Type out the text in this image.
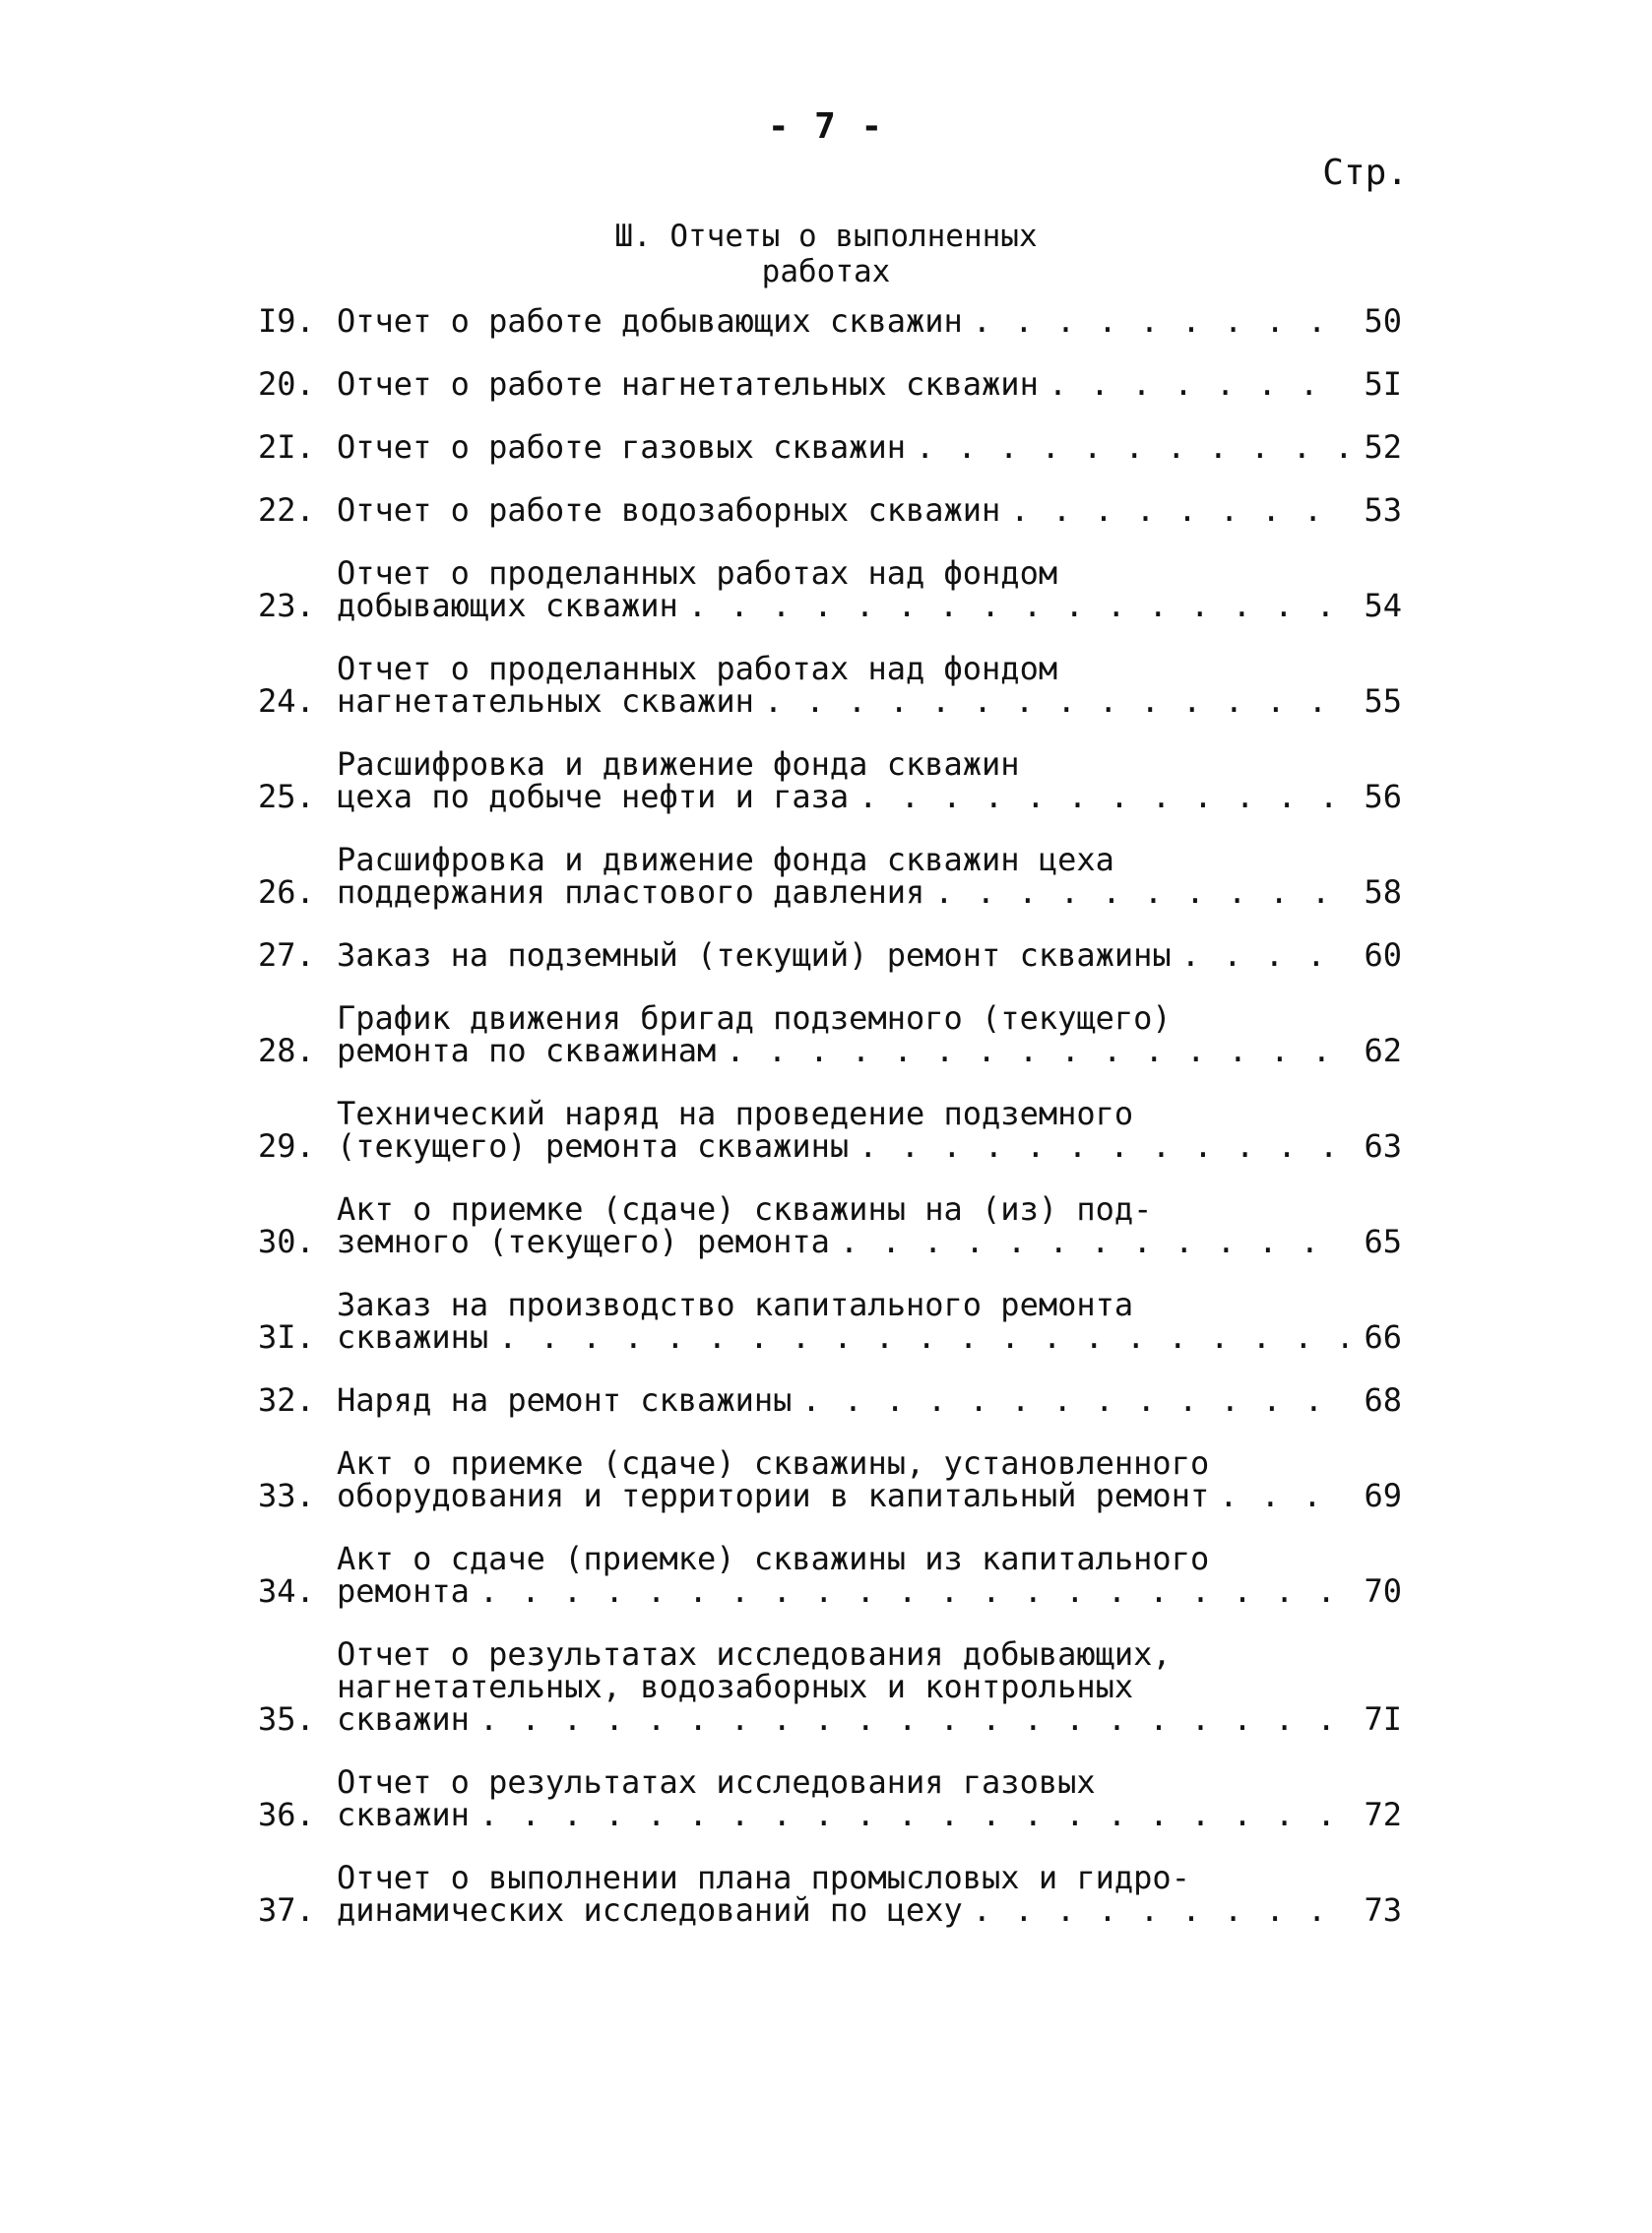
- 7 -
Стр.
Ш. Отчеты о выполненных
работах
I9. Отчет о работе добывающих скважин . . .	50
20. Отчет о работе нагнетательных скважин . . .	5I
2I. Отчет о работе газовых скважин . . .	52
22. Отчет о работе водозаборных скважин . . .	53
23.
Отчет о проделанных работах над фондом
добывающих скважин . . .	54
24.
Отчет о проделанных работах над фондом
нагнетательных скважин . . .	55
25.
Расшифровка и движение фонда скважин
цеха по добыче нефти и газа . . .	56
26.
Расшифровка и движение фонда скважин цеха
поддержания пластового давления . . .	58
27. Заказ на подземный (текущий) ремонт скважины . . .	60
28.
График движения бригад подземного (текущего)
ремонта по скважинам . . .	62
29.
Технический наряд на проведение подземного
(текущего) ремонта скважины . . .	63
30.
Акт о приемке (сдаче) скважины на (из) под-
земного (текущего) ремонта . . .	65
3I.
Заказ на производство капитального ремонта
скважины . . .	66
32. Наряд на ремонт скважины . . .	68
33.
Акт о приемке (сдаче) скважины, установленного
оборудования и территории в капитальный ремонт . . .	69
34.
Акт о сдаче (приемке) скважины из капитального
ремонта . . .	70
35.
Отчет о результатах исследования добывающих,
нагнетательных, водозаборных и контрольных
скважин . . .	7I
36.
Отчет о результатах исследования газовых
скважин . . .	72
37.
Отчет о выполнении плана промысловых и гидро-
динамических исследований по цеху . . .	73
